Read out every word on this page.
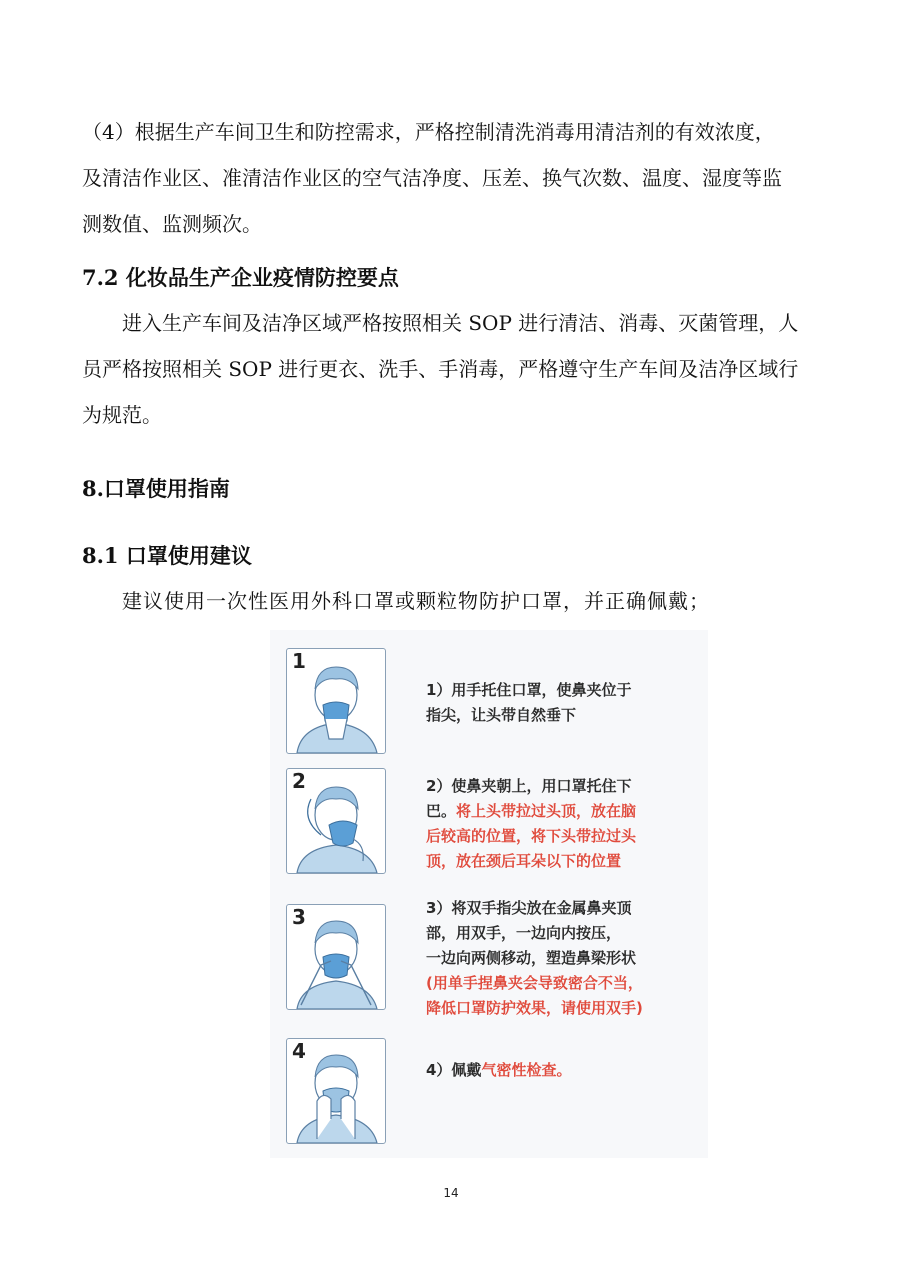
（4）根据生产车间卫生和防控需求，严格控制清洗消毒用清洁剂的有效浓度，
及清洁作业区、准清洁作业区的空气洁净度、压差、换气次数、温度、湿度等监
测数值、监测频次。
7.2 化妆品生产企业疫情防控要点
进入生产车间及洁净区域严格按照相关 SOP 进行清洁、消毒、灭菌管理，人
员严格按照相关 SOP 进行更衣、洗手、手消毒，严格遵守生产车间及洁净区域行
为规范。
8.口罩使用指南
8.1 口罩使用建议

建议使用一次性医用外科口罩或颗粒物防护口罩，并正确佩戴；

1
1）用手托住口罩，使鼻夹位于
指尖，让头带自然垂下
2	2）使鼻夹朝上，用口罩托住下
巴。将上头带拉过头顶，放在脑
后较高的位置，将下头带拉过头
顶，放在颈后耳朵以下的位置
3	3）将双手指尖放在金属鼻夹顶
部，用双手，一边向内按压，
一边向两侧移动，塑造鼻梁形状
(用单手捏鼻夹会导致密合不当，
降低口罩防护效果，请使用双手)
4
4）佩戴气密性检查。
14
